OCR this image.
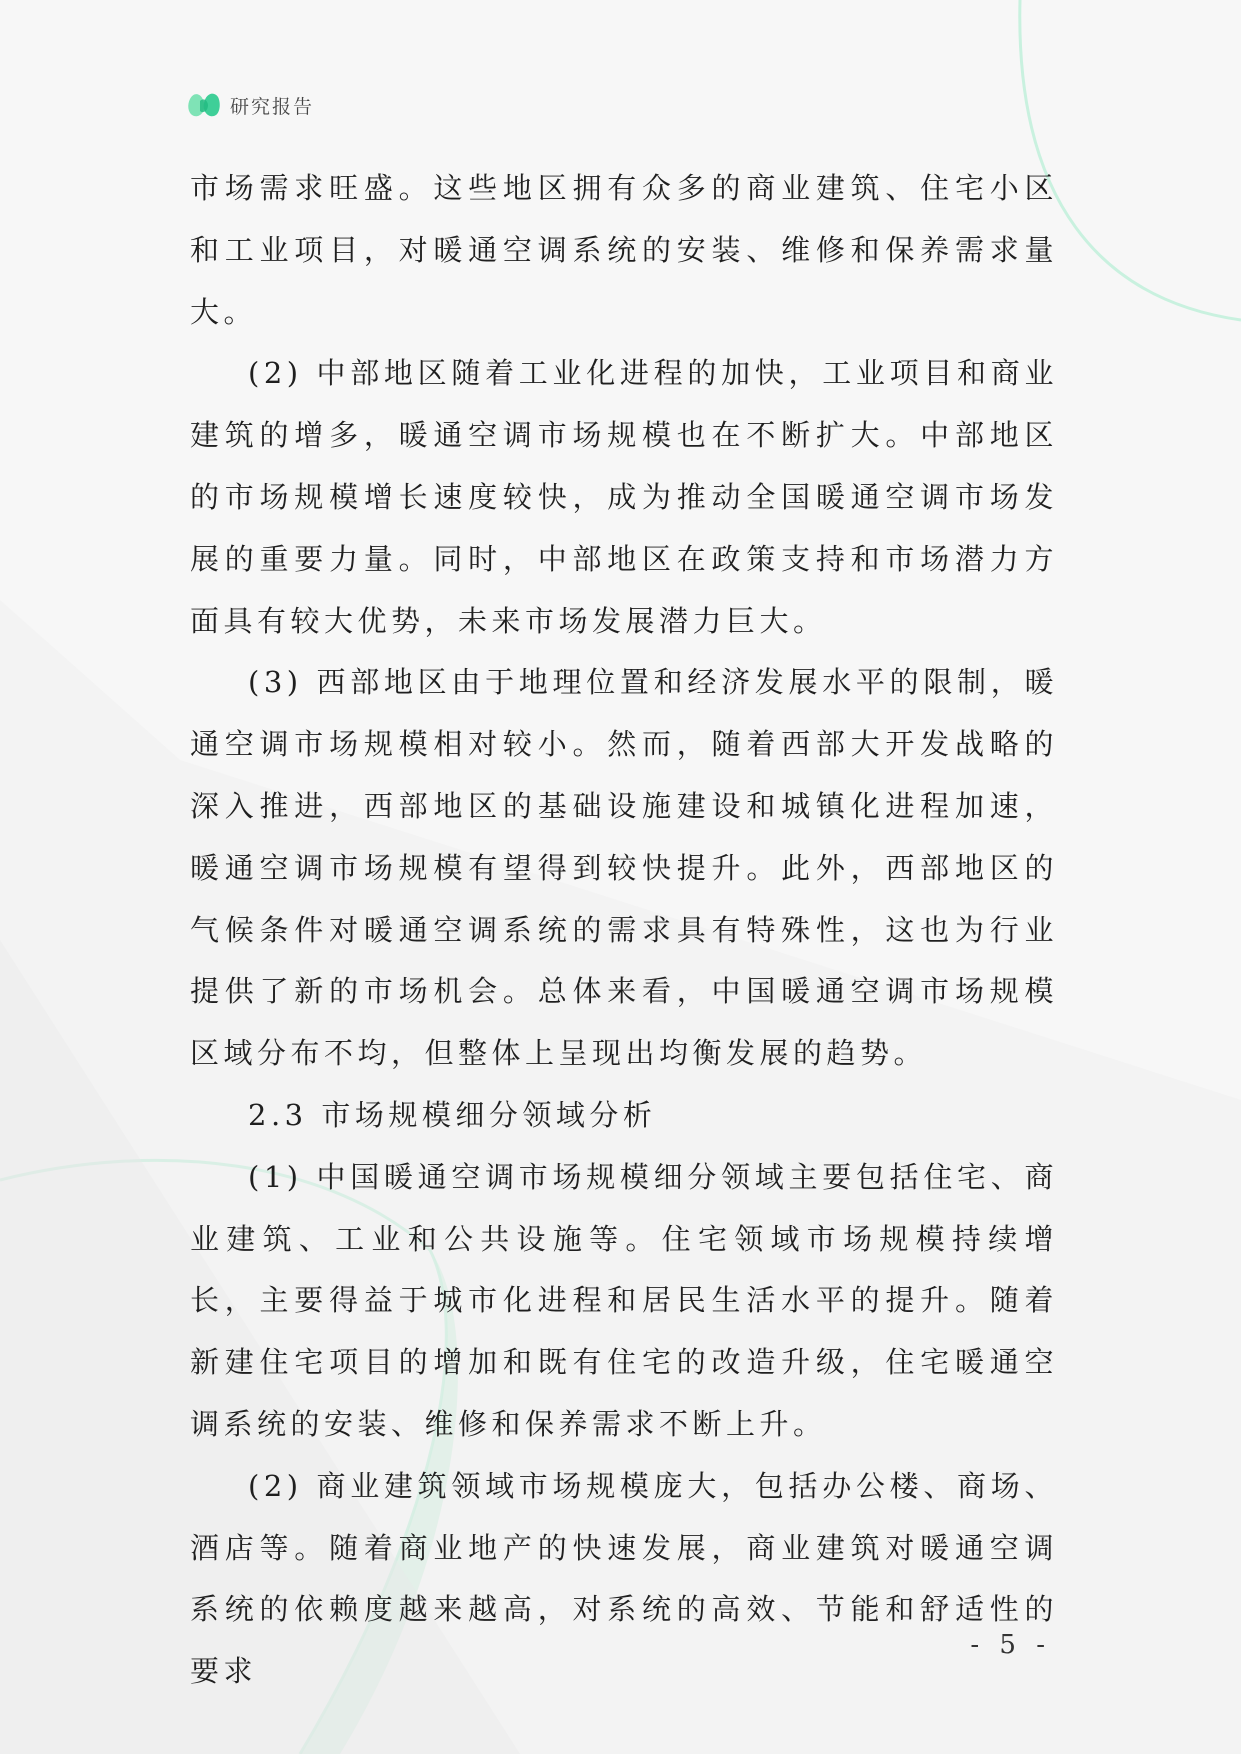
研究报告

市场需求旺盛。这些地区拥有众多的商业建筑、住宅小区和工业项目，对暖通空调系统的安装、维修和保养需求量大。

(2) 中部地区随着工业化进程的加快，工业项目和商业建筑的增多，暖通空调市场规模也在不断扩大。中部地区的市场规模增长速度较快，成为推动全国暖通空调市场发展的重要力量。同时，中部地区在政策支持和市场潜力方面具有较大优势，未来市场发展潜力巨大。

(3) 西部地区由于地理位置和经济发展水平的限制，暖通空调市场规模相对较小。然而，随着西部大开发战略的深入推进，西部地区的基础设施建设和城镇化进程加速，暖通空调市场规模有望得到较快提升。此外，西部地区的气候条件对暖通空调系统的需求具有特殊性，这也为行业提供了新的市场机会。总体来看，中国暖通空调市场规模区域分布不均，但整体上呈现出均衡发展的趋势。

2.3 市场规模细分领域分析

(1) 中国暖通空调市场规模细分领域主要包括住宅、商业建筑、工业和公共设施等。住宅领域市场规模持续增长，主要得益于城市化进程和居民生活水平的提升。随着新建住宅项目的增加和既有住宅的改造升级，住宅暖通空调系统的安装、维修和保养需求不断上升。

(2) 商业建筑领域市场规模庞大，包括办公楼、商场、酒店等。随着商业地产的快速发展，商业建筑对暖通空调系统的依赖度越来越高，对系统的高效、节能和舒适性的要求

- 5 -
